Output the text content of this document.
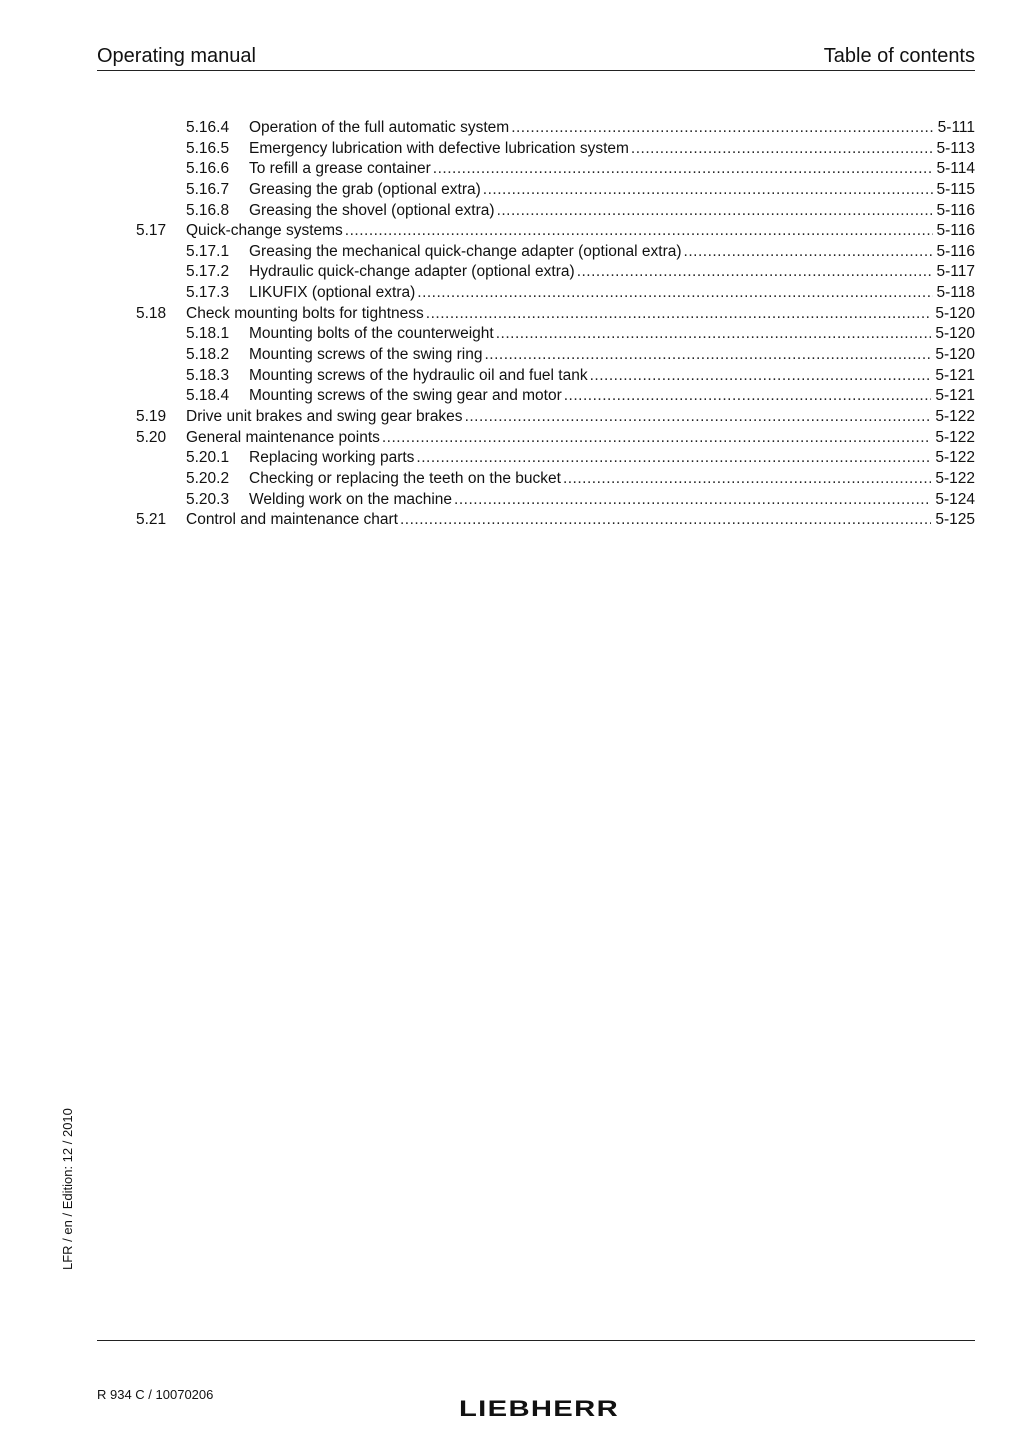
Operating manual	Table of contents
5.16.4 Operation of the full automatic system .....	5-111
5.16.5 Emergency lubrication with defective lubrication system .....	5-113
5.16.6 To refill a grease container .....	5-114
5.16.7 Greasing the grab (optional extra) .....	5-115
5.16.8 Greasing the shovel (optional extra) .....	5-116
5.17 Quick-change systems .....	5-116
5.17.1 Greasing the mechanical quick-change adapter (optional extra) .....	5-116
5.17.2 Hydraulic quick-change adapter (optional extra) .....	5-117
5.17.3 LIKUFIX (optional extra) .....	5-118
5.18 Check mounting bolts for tightness .....	5-120
5.18.1 Mounting bolts of the counterweight .....	5-120
5.18.2 Mounting screws of the swing ring .....	5-120
5.18.3 Mounting screws of the hydraulic oil and fuel tank .....	5-121
5.18.4 Mounting screws of the swing gear and motor .....	5-121
5.19 Drive unit brakes and swing gear brakes .....	5-122
5.20 General maintenance points .....	5-122
5.20.1 Replacing working parts .....	5-122
5.20.2 Checking or replacing the teeth on the bucket .....	5-122
5.20.3 Welding work on the machine .....	5-124
5.21 Control and maintenance chart .....	5-125
LFR / en / Edition: 12 / 2010
R 934 C / 10070206
LIEBHERR
